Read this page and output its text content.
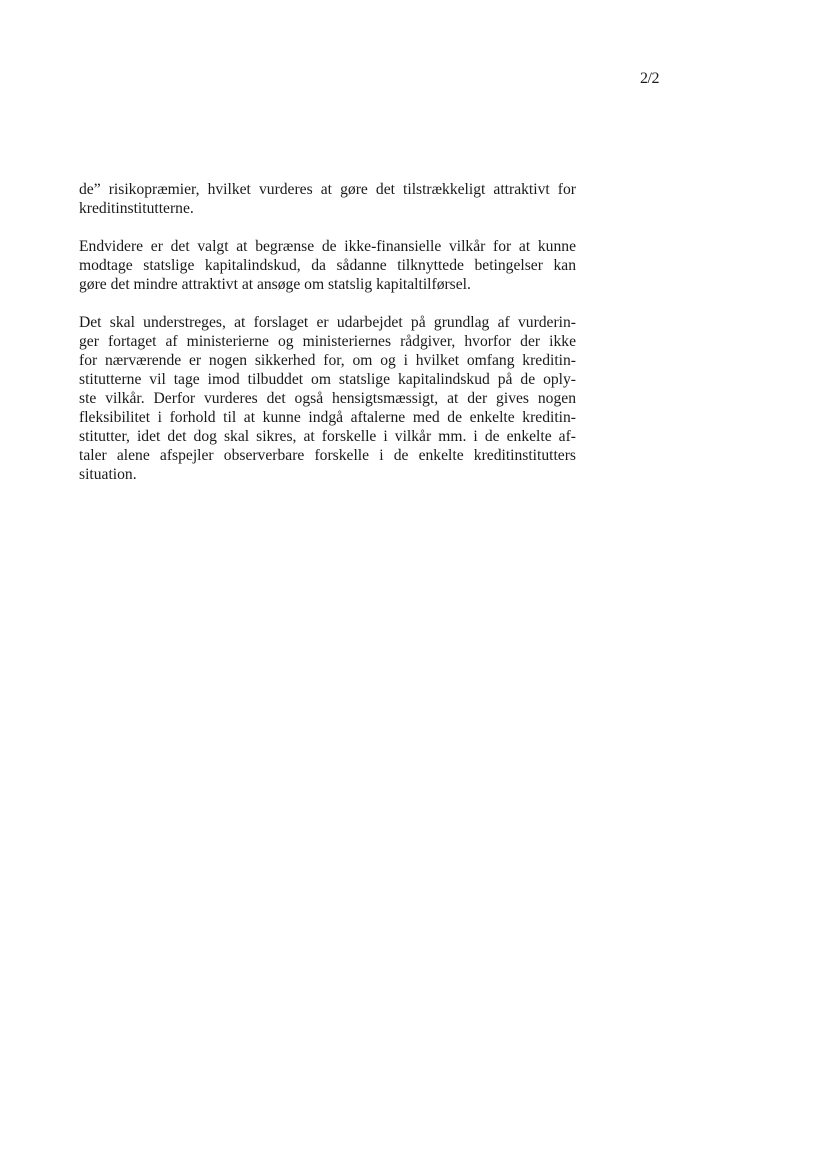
2/2

de” risikopræmier, hvilket vurderes at gøre det tilstrækkeligt attraktivt for
kreditinstitutterne.

Endvidere er det valgt at begrænse de ikke-finansielle vilkår for at kunne
modtage statslige kapitalindskud, da sådanne tilknyttede betingelser kan
gøre det mindre attraktivt at ansøge om statslig kapitaltilførsel.

Det skal understreges, at forslaget er udarbejdet på grundlag af vurderin-
ger fortaget af ministerierne og ministeriernes rådgiver, hvorfor der ikke
for nærværende er nogen sikkerhed for, om og i hvilket omfang kreditin-
stitutterne vil tage imod tilbuddet om statslige kapitalindskud på de oply-
ste vilkår. Derfor vurderes det også hensigtsmæssigt, at der gives nogen
fleksibilitet i forhold til at kunne indgå aftalerne med de enkelte kreditin-
stitutter, idet det dog skal sikres, at forskelle i vilkår mm. i de enkelte af-
taler alene afspejler observerbare forskelle i de enkelte kreditinstitutters
situation.
